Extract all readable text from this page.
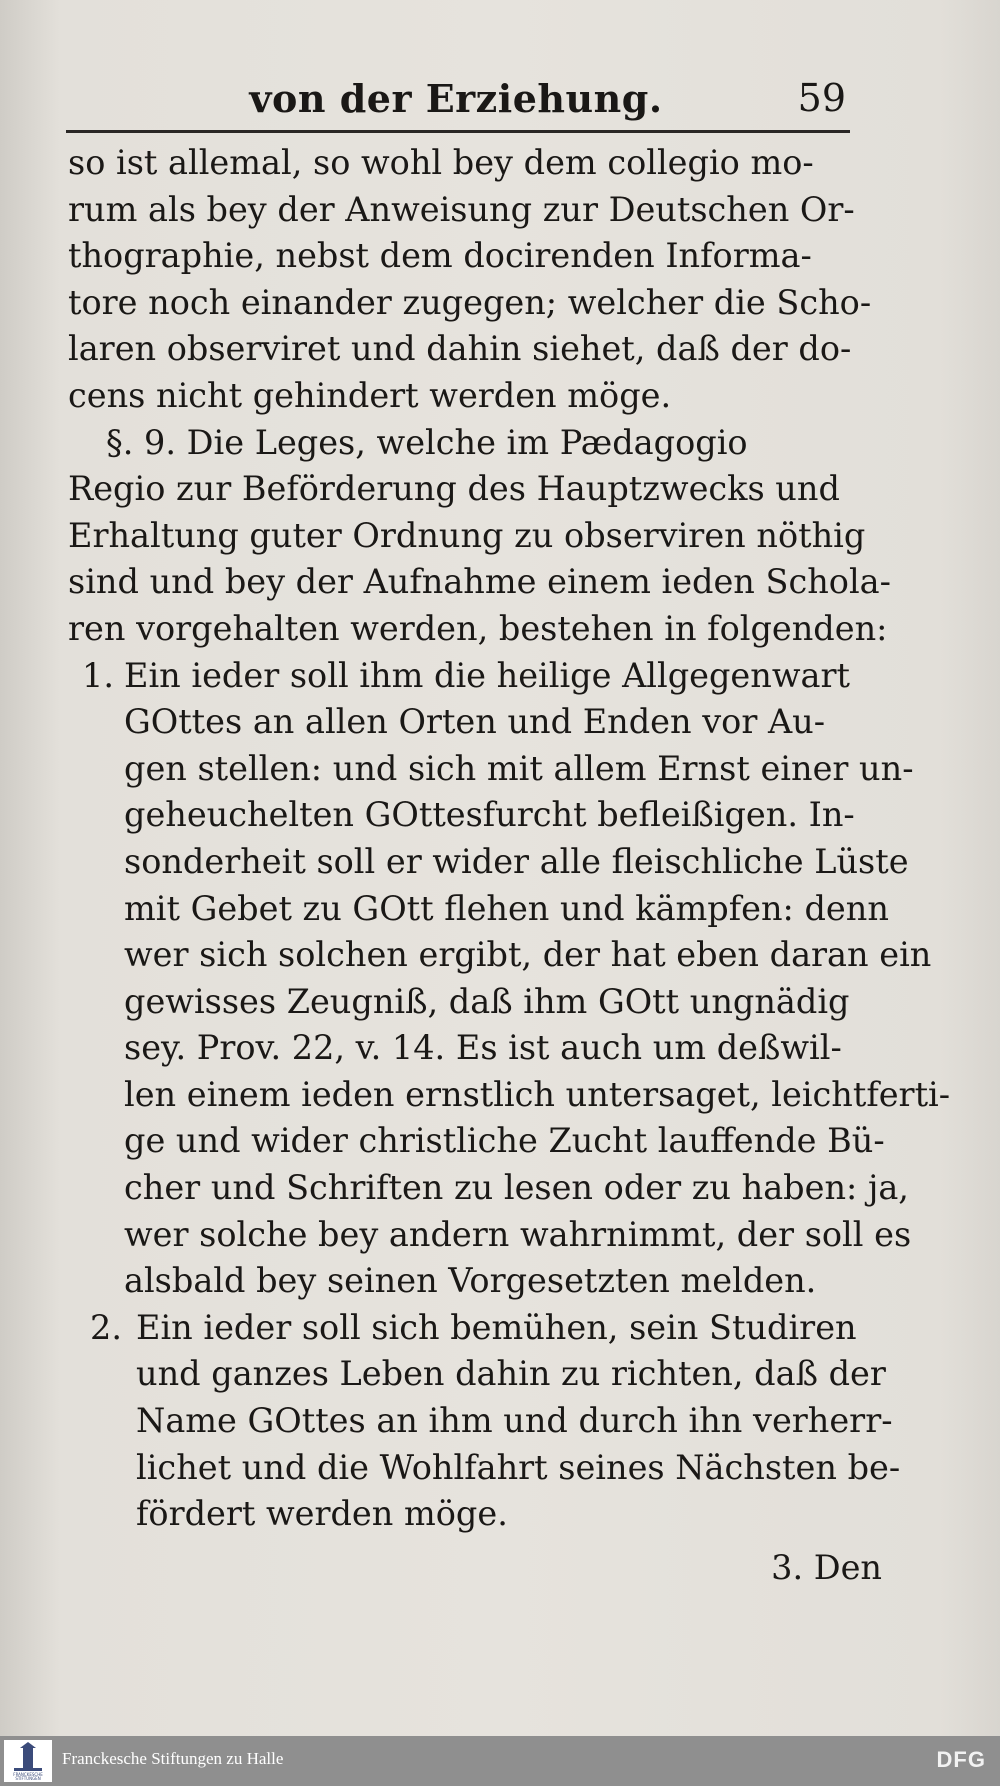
von der Erziehung.	59
so ist allemal, so wohl bey dem collegio mo-
rum als bey der Anweisung zur Deutschen Or-
thographie, nebst dem docirenden Informa-
tore noch einander zugegen; welcher die Scho-
laren observiret und dahin siehet, daß der do-
cens nicht gehindert werden möge.
§. 9. Die Leges, welche im Pædagogio
Regio zur Beförderung des Hauptzwecks und
Erhaltung guter Ordnung zu observiren nöthig
sind und bey der Aufnahme einem ieden Schola-
ren vorgehalten werden, bestehen in folgenden:
1. Ein ieder soll ihm die heilige Allgegenwart
GOttes an allen Orten und Enden vor Au-
gen stellen: und sich mit allem Ernst einer un-
geheuchelten GOttesfurcht befleißigen. In-
sonderheit soll er wider alle fleischliche Lüste
mit Gebet zu GOtt flehen und kämpfen: denn
wer sich solchen ergibt, der hat eben daran ein
gewisses Zeugniß, daß ihm GOtt ungnädig
sey. Prov. 22, v. 14. Es ist auch um deßwil-
len einem ieden ernstlich untersaget, leichtferti-
ge und wider christliche Zucht lauffende Bü-
cher und Schriften zu lesen oder zu haben: ja,
wer solche bey andern wahrnimmt, der soll es
alsbald bey seinen Vorgesetzten melden.
2. Ein ieder soll sich bemühen, sein Studiren
und ganzes Leben dahin zu richten, daß der
Name GOttes an ihm und durch ihn verherr-
lichet und die Wohlfahrt seines Nächsten be-
fördert werden möge.
3. Den
FRANCKESCHE STIFTUNGEN
Franckesche Stiftungen zu Halle	DFG
